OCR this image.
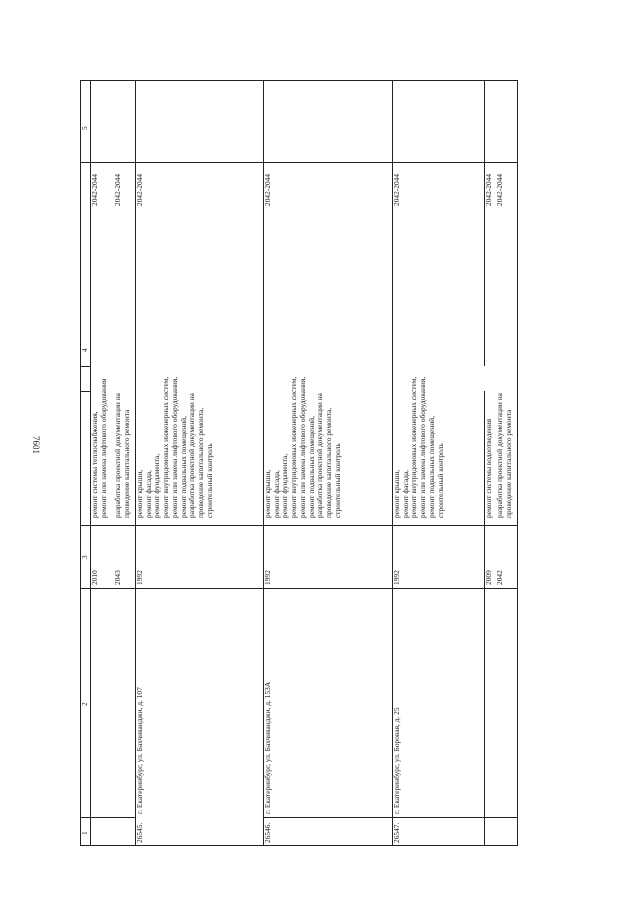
7601
5
4
3
2
1
2042-2044
ремонт системы теплоснабжения, ремонт или замена лифтового оборудования
2010
2042-2044
разработка проектной документации на проведение капитального ремонта
2043
2042-2044
ремонт крыши, ремонт фасада, ремонт фундамента, ремонт внутридомовых инженерных систем, ремонт или замена лифтового оборудования, ремонт подвальных помещений, разработка проектной документации на проведение капитального ремонта, строительный контроль
1992
г. Екатеринбург, ул. Бахчиванджи, д. 107
26545.
2042-2044
ремонт крыши, ремонт фасада, ремонт фундамента, ремонт внутридомовых инженерных систем, ремонт или замена лифтового оборудования, ремонт подвальных помещений, разработка проектной документации на проведение капитального ремонта, строительный контроль
1992
г. Екатеринбург, ул. Бахчиванджи, д. 153А
26546.
2042-2044
ремонт крыши, ремонт фасада, ремонт внутридомовых инженерных систем, ремонт или замена лифтового оборудования, ремонт подвальных помещений, строительный контроль
1992
г. Екатеринбург, ул. Боровая, д. 25
26547.
2042-2044
ремонт системы водоотведения
2009
2042-2044
разработка проектной документации на проведение капитального ремонта
2042
